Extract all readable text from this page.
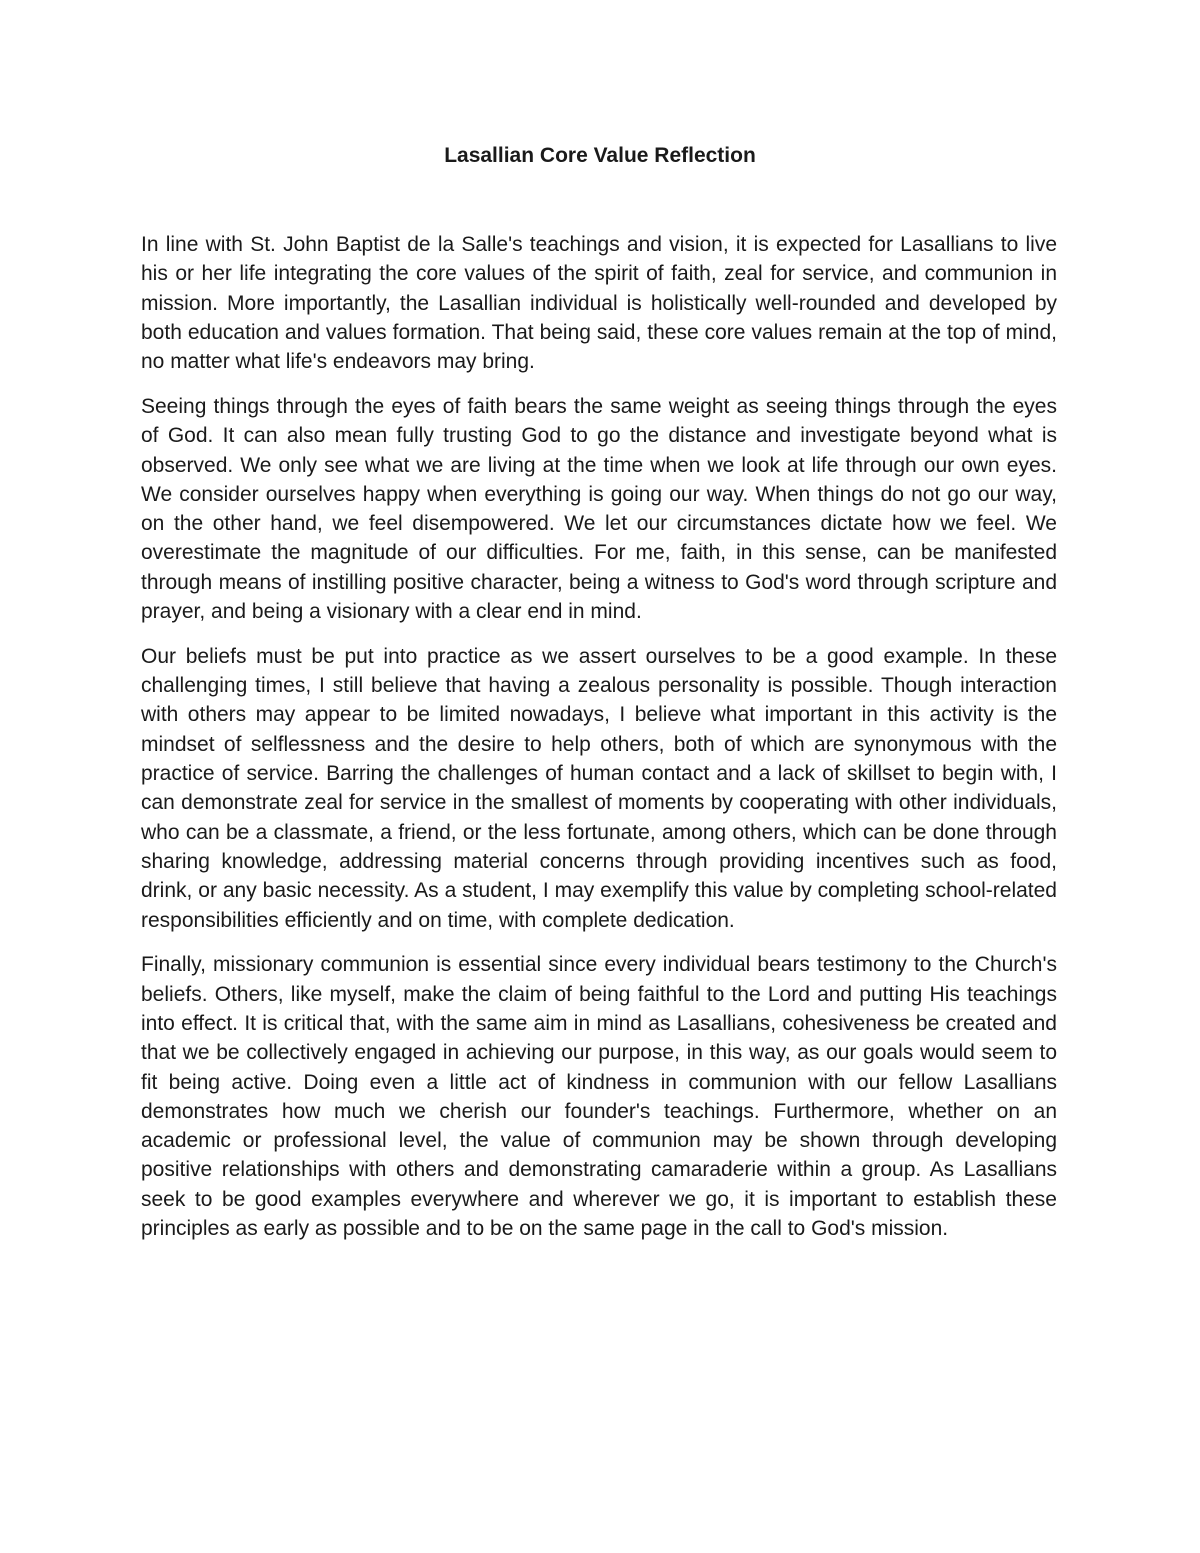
Lasallian Core Value Reflection

In line with St. John Baptist de la Salle's teachings and vision, it is expected for Lasallians to live his or her life integrating the core values of the spirit of faith, zeal for service, and communion in mission. More importantly, the Lasallian individual is holistically well-rounded and developed by both education and values formation. That being said, these core values remain at the top of mind, no matter what life's endeavors may bring.

Seeing things through the eyes of faith bears the same weight as seeing things through the eyes of God. It can also mean fully trusting God to go the distance and investigate beyond what is observed. We only see what we are living at the time when we look at life through our own eyes. We consider ourselves happy when everything is going our way. When things do not go our way, on the other hand, we feel disempowered. We let our circumstances dictate how we feel. We overestimate the magnitude of our difficulties. For me, faith, in this sense, can be manifested through means of instilling positive character, being a witness to God's word through scripture and prayer, and being a visionary with a clear end in mind.

Our beliefs must be put into practice as we assert ourselves to be a good example. In these challenging times, I still believe that having a zealous personality is possible. Though interaction with others may appear to be limited nowadays, I believe what important in this activity is the mindset of selflessness and the desire to help others, both of which are synonymous with the practice of service. Barring the challenges of human contact and a lack of skillset to begin with, I can demonstrate zeal for service in the smallest of moments by cooperating with other individuals, who can be a classmate, a friend, or the less fortunate, among others, which can be done through sharing knowledge, addressing material concerns through providing incentives such as food, drink, or any basic necessity. As a student, I may exemplify this value by completing school-related responsibilities efficiently and on time, with complete dedication.

Finally, missionary communion is essential since every individual bears testimony to the Church's beliefs. Others, like myself, make the claim of being faithful to the Lord and putting His teachings into effect. It is critical that, with the same aim in mind as Lasallians, cohesiveness be created and that we be collectively engaged in achieving our purpose, in this way, as our goals would seem to fit being active. Doing even a little act of kindness in communion with our fellow Lasallians demonstrates how much we cherish our founder's teachings. Furthermore, whether on an academic or professional level, the value of communion may be shown through developing positive relationships with others and demonstrating camaraderie within a group. As Lasallians seek to be good examples everywhere and wherever we go, it is important to establish these principles as early as possible and to be on the same page in the call to God's mission.
